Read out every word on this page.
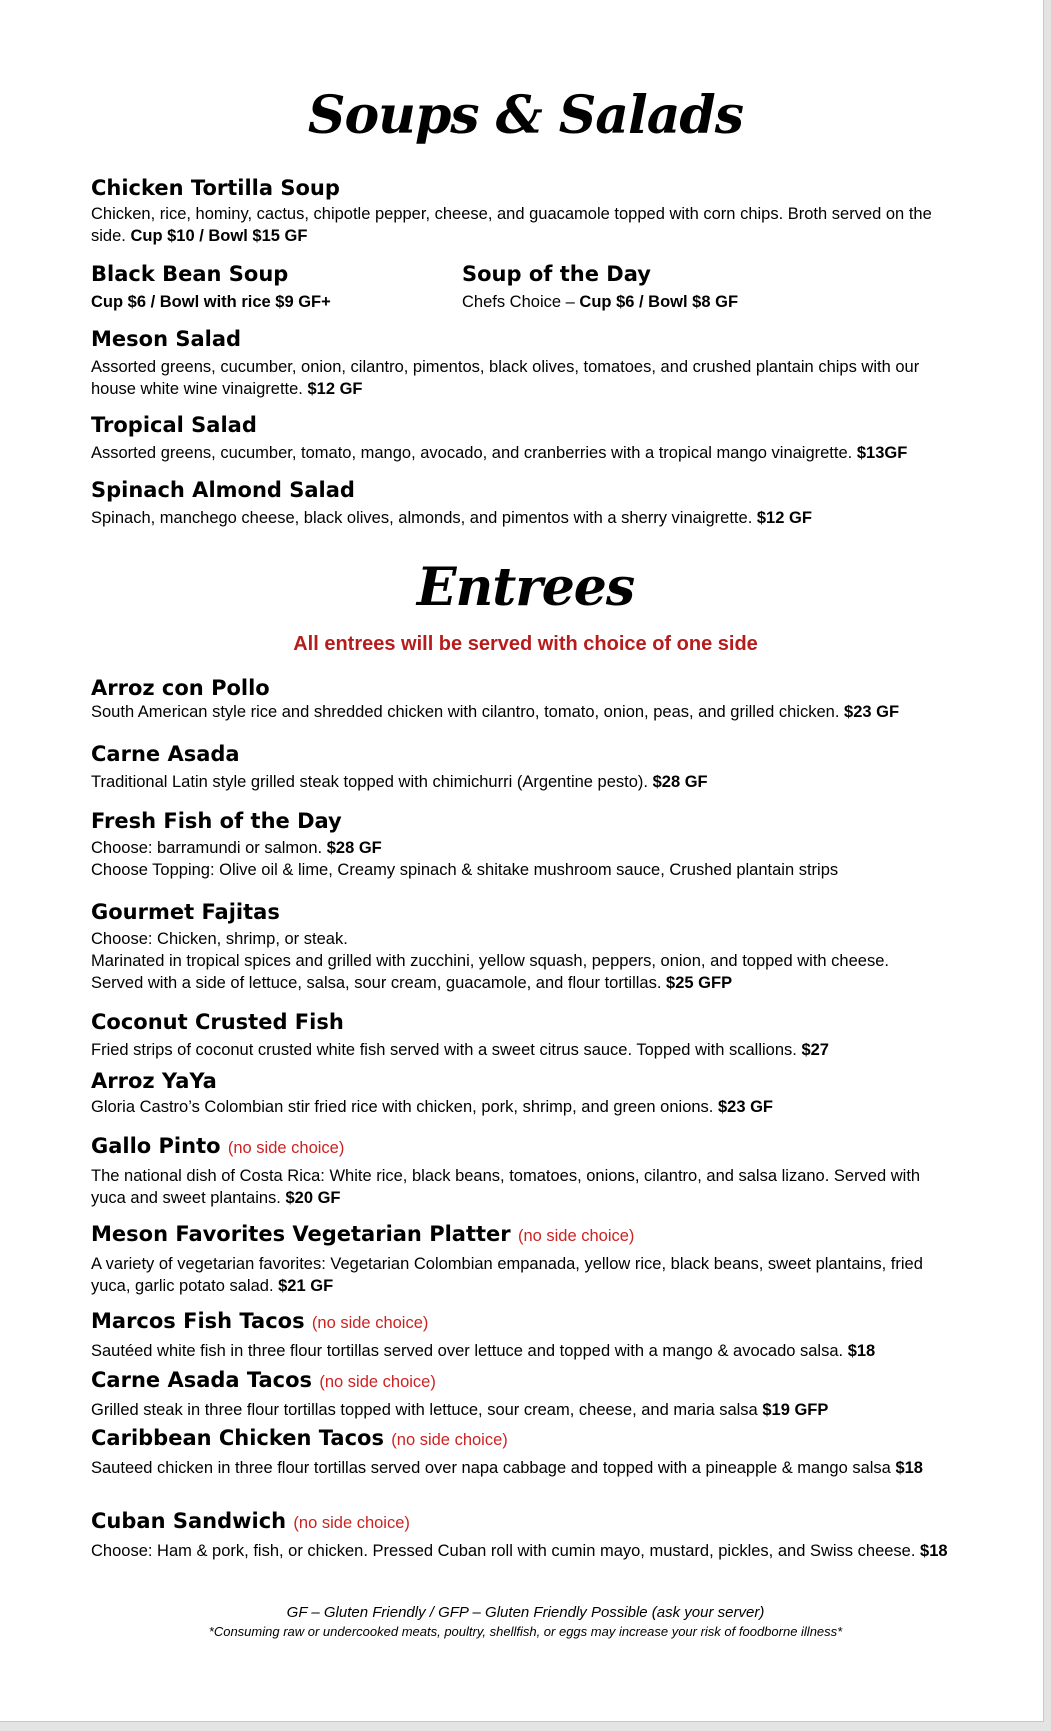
Soups & Salads
Chicken Tortilla Soup
Chicken, rice, hominy, cactus, chipotle pepper, cheese, and guacamole topped with corn chips. Broth served on the side. Cup $10 / Bowl $15 GF
Black Bean Soup
Cup $6 / Bowl with rice $9 GF+
Soup of the Day
Chefs Choice – Cup $6 / Bowl $8 GF
Meson Salad
Assorted greens, cucumber, onion, cilantro, pimentos, black olives, tomatoes, and crushed plantain chips with our house white wine vinaigrette. $12 GF
Tropical Salad
Assorted greens, cucumber, tomato, mango, avocado, and cranberries with a tropical mango vinaigrette. $13GF
Spinach Almond Salad
Spinach, manchego cheese, black olives, almonds, and pimentos with a sherry vinaigrette. $12 GF
Entrees
All entrees will be served with choice of one side
Arroz con Pollo
South American style rice and shredded chicken with cilantro, tomato, onion, peas, and grilled chicken. $23 GF
Carne Asada
Traditional Latin style grilled steak topped with chimichurri (Argentine pesto). $28 GF
Fresh Fish of the Day
Choose: barramundi or salmon. $28 GF
Choose Topping: Olive oil & lime, Creamy spinach & shitake mushroom sauce, Crushed plantain strips
Gourmet Fajitas
Choose: Chicken, shrimp, or steak.
Marinated in tropical spices and grilled with zucchini, yellow squash, peppers, onion, and topped with cheese.
Served with a side of lettuce, salsa, sour cream, guacamole, and flour tortillas. $25 GFP
Coconut Crusted Fish
Fried strips of coconut crusted white fish served with a sweet citrus sauce. Topped with scallions. $27
Arroz YaYa
Gloria Castro’s Colombian stir fried rice with chicken, pork, shrimp, and green onions. $23 GF
Gallo Pinto (no side choice)
The national dish of Costa Rica: White rice, black beans, tomatoes, onions, cilantro, and salsa lizano. Served with yuca and sweet plantains. $20 GF
Meson Favorites Vegetarian Platter (no side choice)
A variety of vegetarian favorites: Vegetarian Colombian empanada, yellow rice, black beans, sweet plantains, fried yuca, garlic potato salad. $21 GF
Marcos Fish Tacos (no side choice)
Sautéed white fish in three flour tortillas served over lettuce and topped with a mango & avocado salsa. $18
Carne Asada Tacos (no side choice)
Grilled steak in three flour tortillas topped with lettuce, sour cream, cheese, and maria salsa $19 GFP
Caribbean Chicken Tacos (no side choice)
Sauteed chicken in three flour tortillas served over napa cabbage and topped with a pineapple & mango salsa $18
Cuban Sandwich (no side choice)
Choose: Ham & pork, fish, or chicken. Pressed Cuban roll with cumin mayo, mustard, pickles, and Swiss cheese. $18
GF – Gluten Friendly / GFP – Gluten Friendly Possible (ask your server)
*Consuming raw or undercooked meats, poultry, shellfish, or eggs may increase your risk of foodborne illness*
